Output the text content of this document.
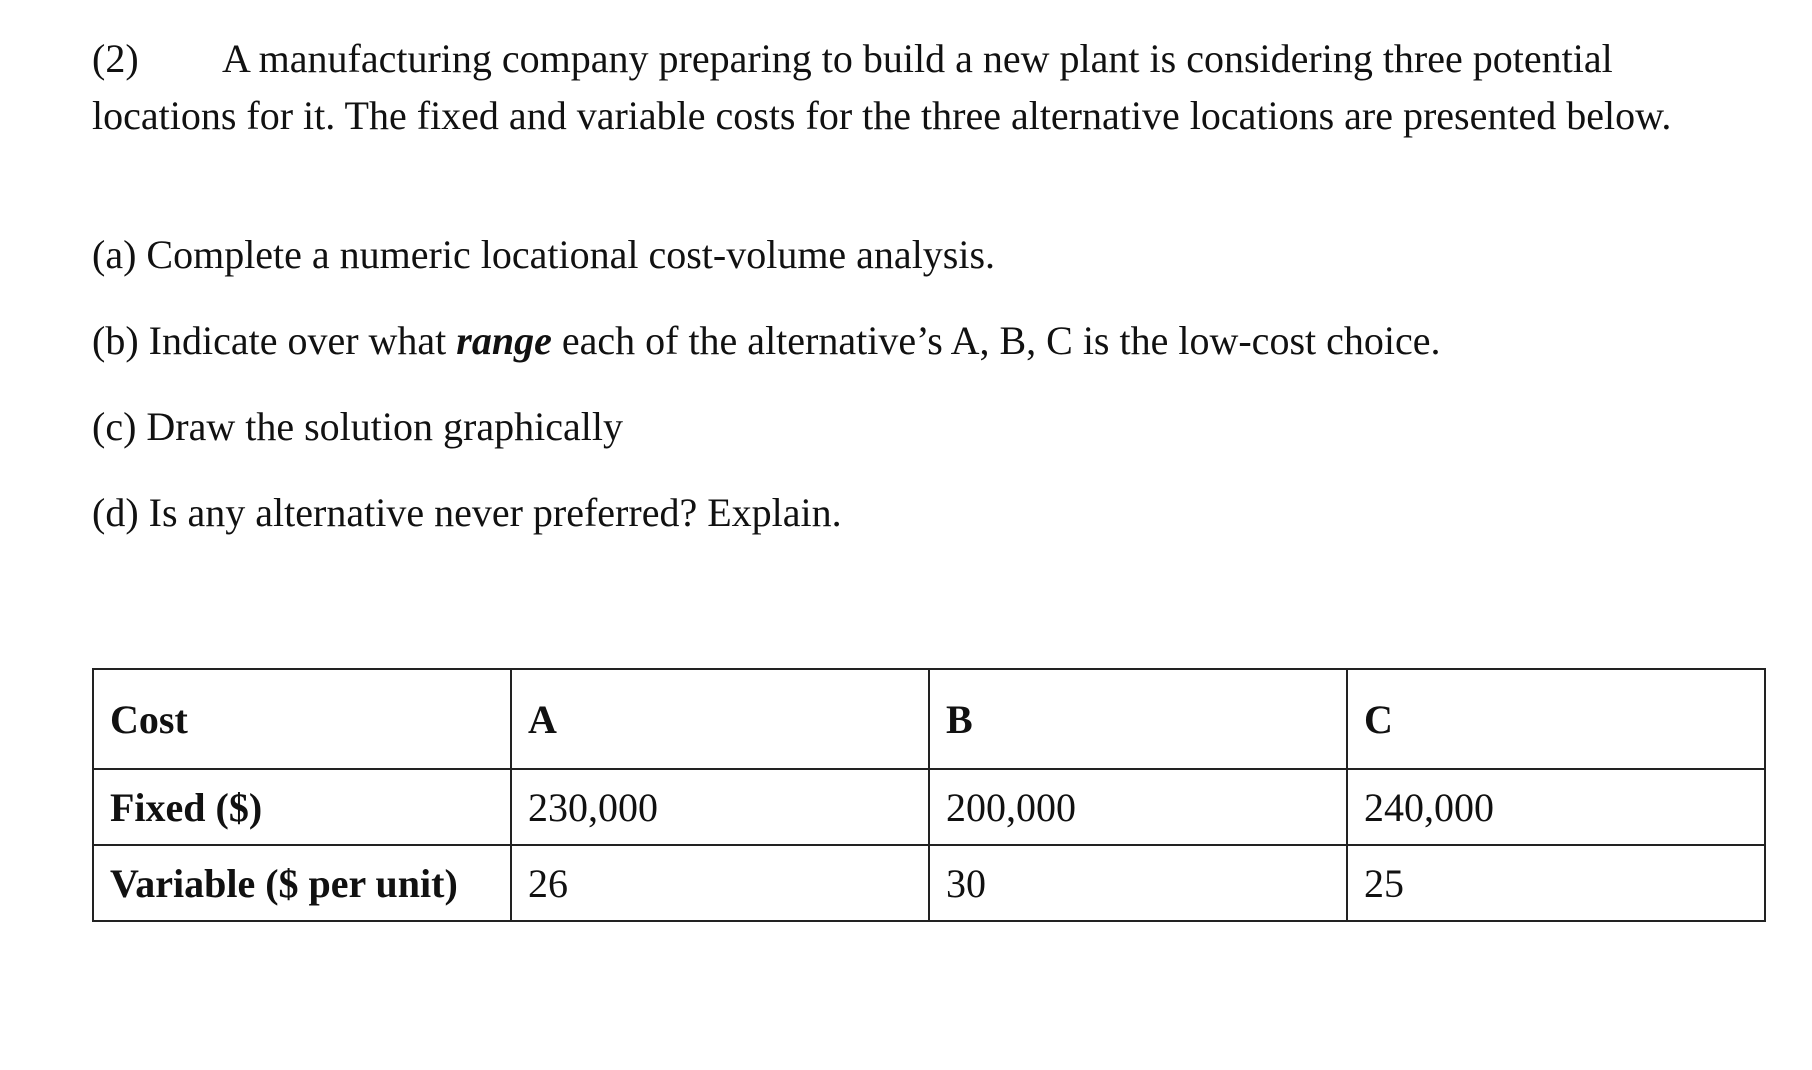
(2) A manufacturing company preparing to build a new plant is considering three potential locations for it. The fixed and variable costs for the three alternative locations are presented below.

(a) Complete a numeric locational cost-volume analysis.

(b) Indicate over what range each of the alternative’s A, B, C is the low-cost choice.

(c) Draw the solution graphically

(d) Is any alternative never preferred? Explain.

Cost	A	B	C
Fixed ($)	230,000	200,000	240,000
Variable ($ per unit)	26	30	25
